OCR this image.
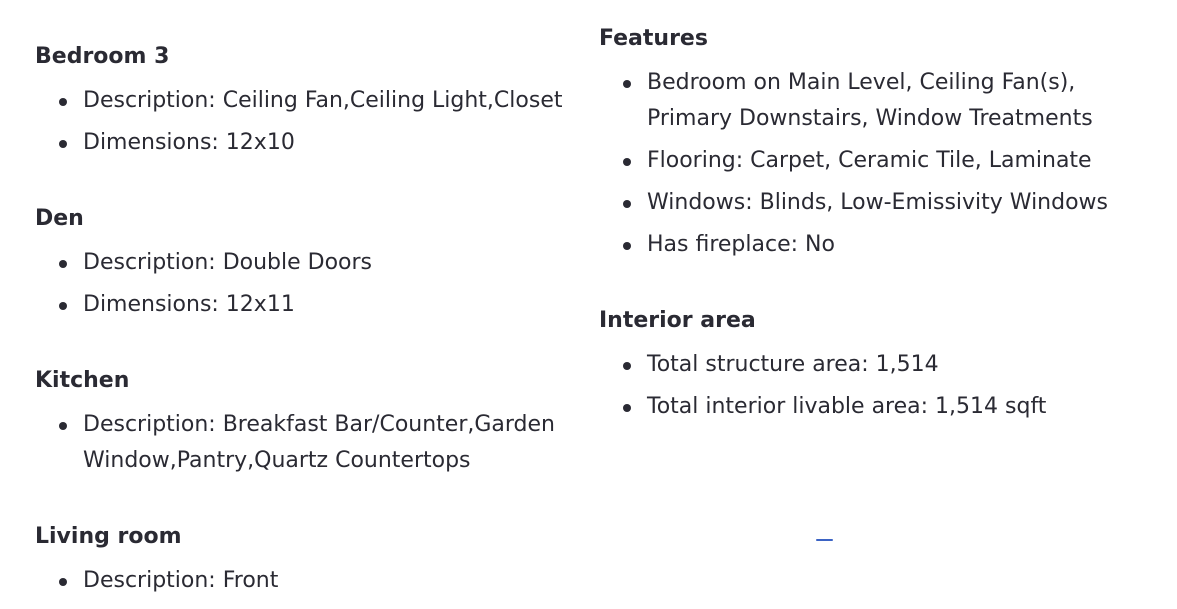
Bedroom 3
Description: Ceiling Fan,Ceiling Light,Closet
Dimensions: 12x10
Den
Description: Double Doors
Dimensions: 12x11
Kitchen
Description: Breakfast Bar/Counter,Garden Window,Pantry,Quartz Countertops
Living room
Description: Front
Features
Bedroom on Main Level, Ceiling Fan(s), Primary Downstairs, Window Treatments
Flooring: Carpet, Ceramic Tile, Laminate
Windows: Blinds, Low-Emissivity Windows
Has fireplace: No
Interior area
Total structure area: 1,514
Total interior livable area: 1,514 sqft
